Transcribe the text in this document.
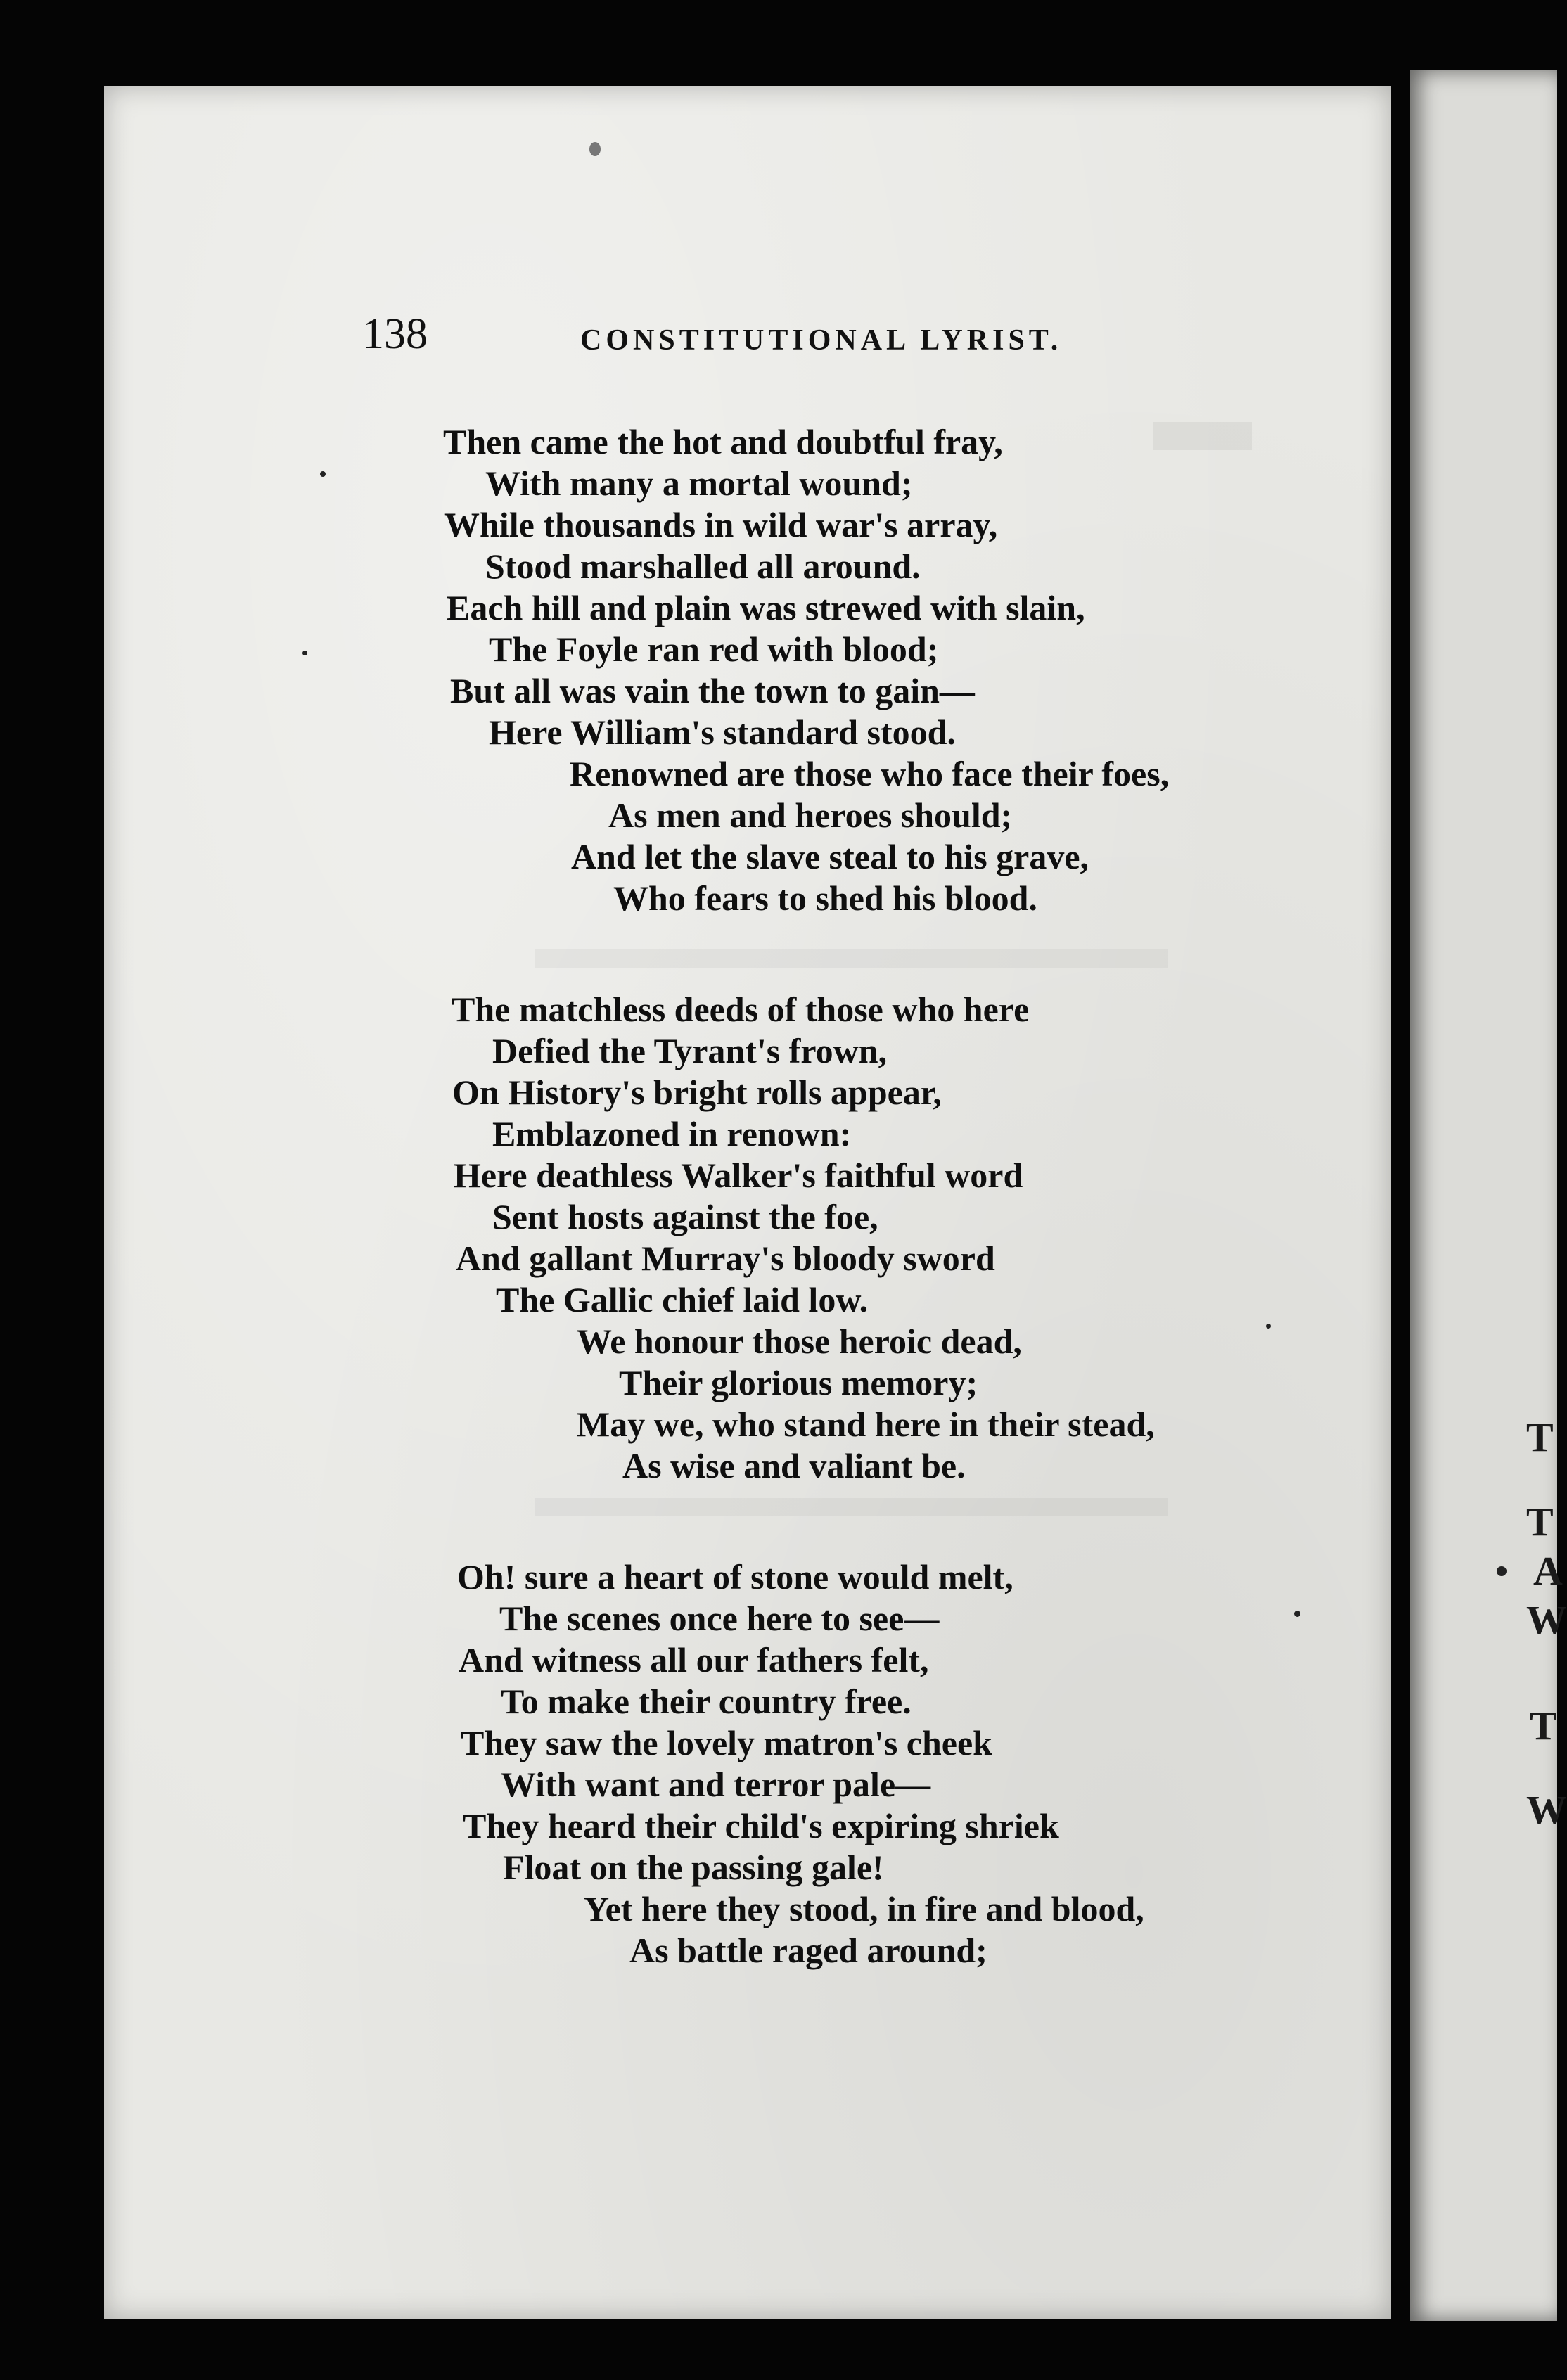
T
T
A
W
T
W
138	CONSTITUTIONAL LYRIST.
Then came the hot and doubtful fray,
With many a mortal wound;
While thousands in wild war's array,
Stood marshalled all around.
Each hill and plain was strewed with slain,
The Foyle ran red with blood;
But all was vain the town to gain—
Here William's standard stood.
Renowned are those who face their foes,
As men and heroes should;
And let the slave steal to his grave,
Who fears to shed his blood.
The matchless deeds of those who here
Defied the Tyrant's frown,
On History's bright rolls appear,
Emblazoned in renown:
Here deathless Walker's faithful word
Sent hosts against the foe,
And gallant Murray's bloody sword
The Gallic chief laid low.
We honour those heroic dead,
Their glorious memory;
May we, who stand here in their stead,
As wise and valiant be.
Oh! sure a heart of stone would melt,
The scenes once here to see—
And witness all our fathers felt,
To make their country free.
They saw the lovely matron's cheek
With want and terror pale—
They heard their child's expiring shriek
Float on the passing gale!
Yet here they stood, in fire and blood,
As battle raged around;
